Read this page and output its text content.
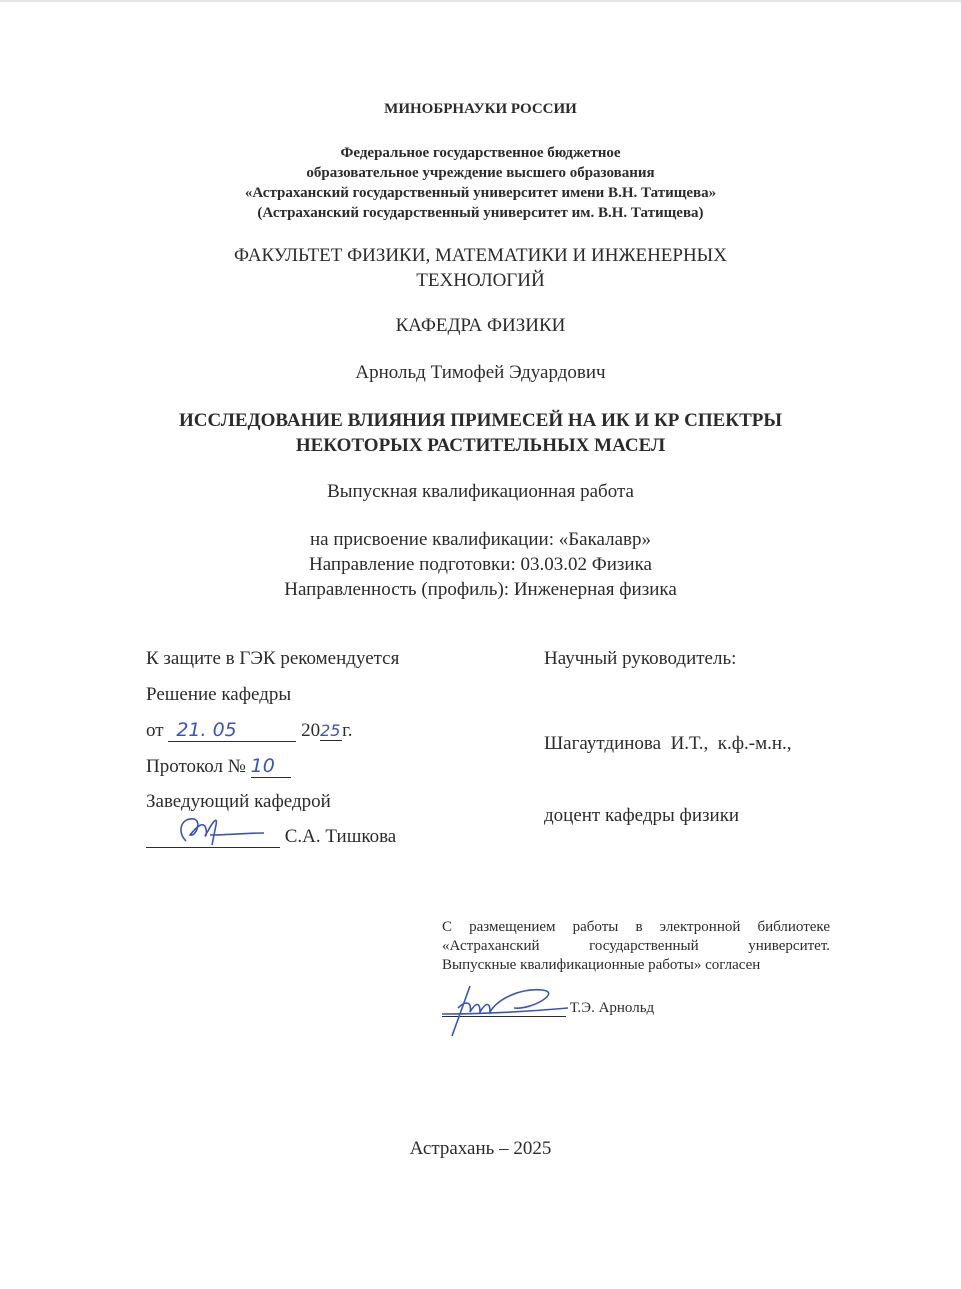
МИНОБРНАУКИ РОССИИ
Федеральное государственное бюджетное
образовательное учреждение высшего образования
«Астраханский государственный университет имени В.Н. Татищева»
(Астраханский государственный университет им. В.Н. Татищева)
ФАКУЛЬТЕТ ФИЗИКИ, МАТЕМАТИКИ И ИНЖЕНЕРНЫХ
ТЕХНОЛОГИЙ
КАФЕДРА ФИЗИКИ
Арнольд Тимофей Эдуардович
ИССЛЕДОВАНИЕ ВЛИЯНИЯ ПРИМЕСЕЙ НА ИК И КР СПЕКТРЫ
НЕКОТОРЫХ РАСТИТЕЛЬНЫХ МАСЕЛ
Выпускная квалификационная работа
на присвоение квалификации: «Бакалавр»
Направление подготовки: 03.03.02 Физика
Направленность (профиль): Инженерная физика
К защите в ГЭК рекомендуется
Решение кафедры
от 21. 05	2025г.
Протокол № 10
Заведующий кафедрой
С.А. Тишкова
Научный руководитель:

Шагаутдинова  И.Т.,  к.ф.-м.н.,

доцент кафедры физики

С размещением работы в электронной библиотеке
«Астраханский государственный университет.
Выпускные квалификационные работы» согласен
Т.Э. Арнольд
Астрахань – 2025
